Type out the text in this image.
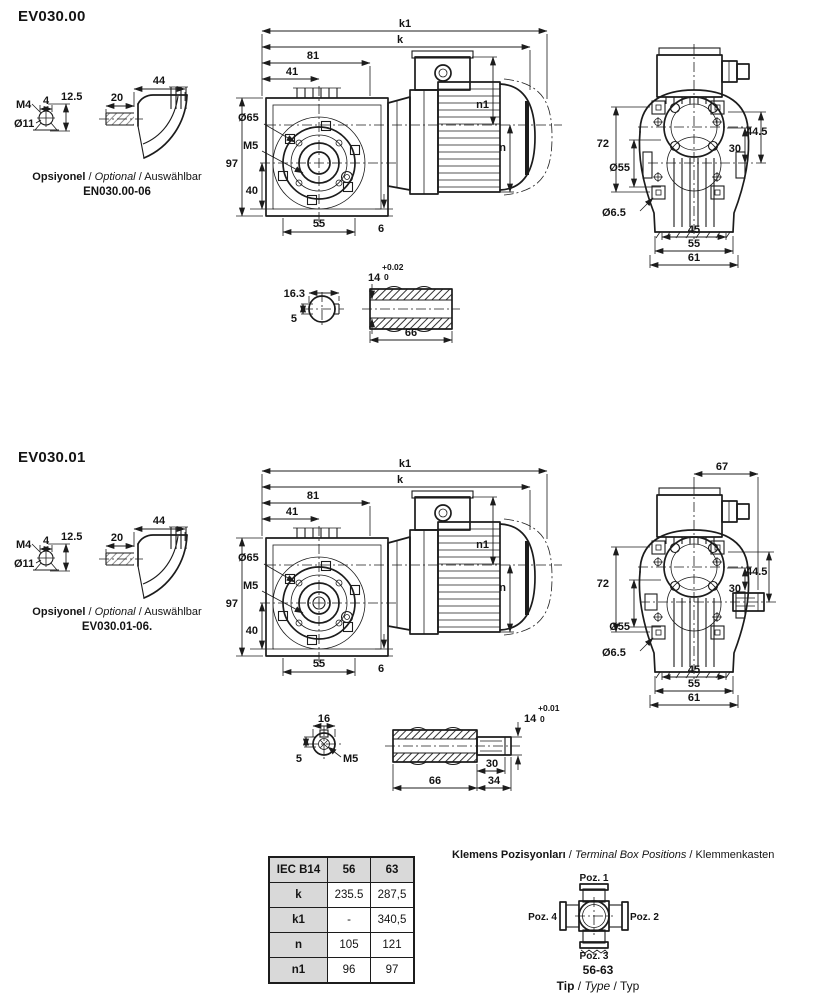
EV030.00
4
M4
Ø11
12.5
44
20
k1
k
81
41
97
40
Ø65
M5
n1
n
55	6
72
Ø55
Ø6.5
44.5
30
45
55
61
16.3
5
14
+0.02
0
66
Opsiyonel / Optional / Auswählbar
EN030.00-06
EV030.01
4
M4
Ø11
12.5
44
20
k1
k
81
41
97
40
Ø65
M5
n1
n
55	6
67
72
Ø55
Ø6.5
44.5
30
45
55
61
16
5	M5
14
+0.01
0
30
66	34
Opsiyonel / Optional / Auswählbar
EV030.01-06.
IEC B14	56	63
k	235.5	287,5
k1	-	340,5
n	105	121
n1	96	97
Klemens Pozisyonları / Terminal Box Positions / Klemmenkasten
Poz. 1
Poz. 2
Poz. 3
Poz. 4
56-63
Tip / Type / Typ
